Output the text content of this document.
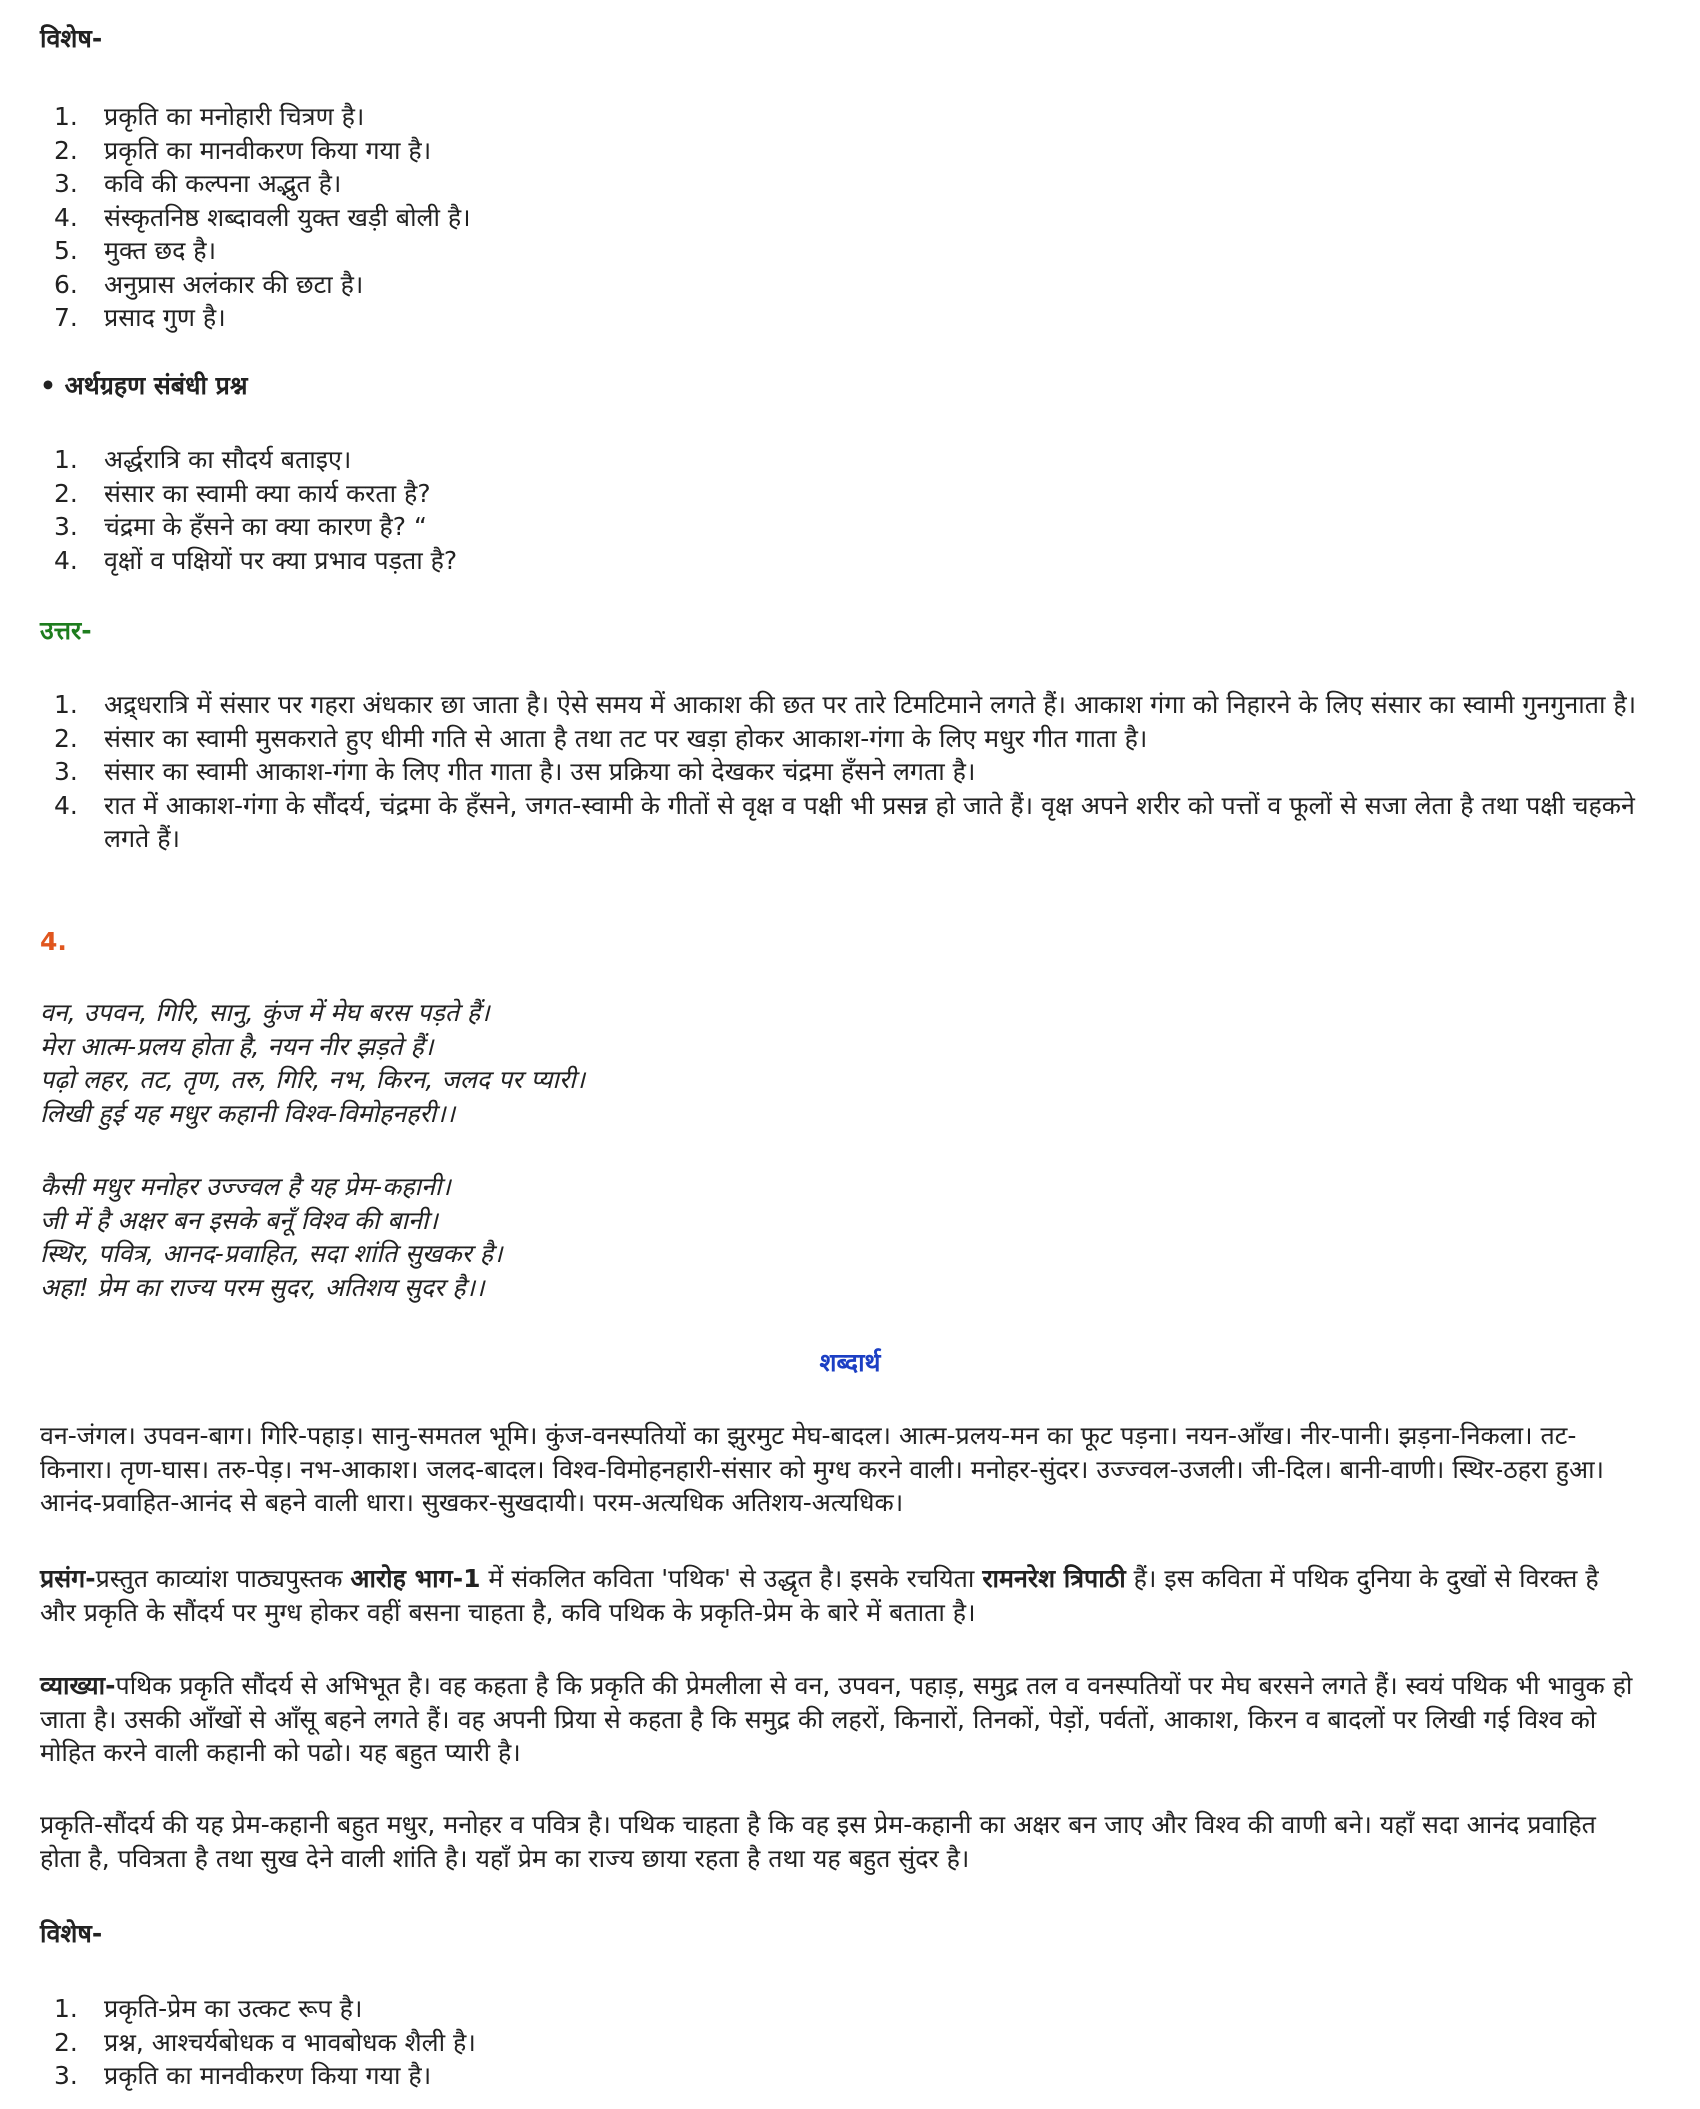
विशेष-
1. प्रकृति का मनोहारी चित्रण है।
2. प्रकृति का मानवीकरण किया गया है।
3. कवि की कल्पना अद्भुत है।
4. संस्कृतनिष्ठ शब्दावली युक्त खड़ी बोली है।
5. मुक्त छद है।
6. अनुप्रास अलंकार की छटा है।
7. प्रसाद गुण है।
• अर्थग्रहण संबंधी प्रश्न
1. अर्द्धरात्रि का सौदर्य बताइए।
2. संसार का स्वामी क्या कार्य करता है?
3. चंद्रमा के हँसने का क्या कारण है? “
4. वृक्षों व पक्षियों पर क्या प्रभाव पड़ता है?
उत्तर-
1. अद्र्धरात्रि में संसार पर गहरा अंधकार छा जाता है। ऐसे समय में आकाश की छत पर तारे टिमटिमाने लगते हैं। आकाश गंगा को निहारने के लिए संसार का स्वामी गुनगुनाता है।
2. संसार का स्वामी मुसकराते हुए धीमी गति से आता है तथा तट पर खड़ा होकर आकाश-गंगा के लिए मधुर गीत गाता है।
3. संसार का स्वामी आकाश-गंगा के लिए गीत गाता है। उस प्रक्रिया को देखकर चंद्रमा हँसने लगता है।
4. रात में आकाश-गंगा के सौंदर्य, चंद्रमा के हँसने, जगत-स्वामी के गीतों से वृक्ष व पक्षी भी प्रसन्न हो जाते हैं। वृक्ष अपने शरीर को पत्तों व फूलों से सजा लेता है तथा पक्षी चहकने लगते हैं।
4.
वन, उपवन, गिरि, सानु, कुंज में मेघ बरस पड़ते हैं।
मेरा आत्म-प्रलय होता है, नयन नीर झड़ते हैं।
पढ़ो लहर, तट, तृण, तरु, गिरि, नभ, किरन, जलद पर प्यारी।
लिखी हुई यह मधुर कहानी विश्व-विमोहनहरी।।
कैसी मधुर मनोहर उज्ज्वल है यह प्रेम-कहानी।
जी में है अक्षर बन इसके बनूँ विश्व की बानी।
स्थिर, पवित्र, आनद-प्रवाहित, सदा शांति सुखकर है।
अहा! प्रेम का राज्य परम सुदर, अतिशय सुदर है।।
शब्दार्थ
वन-जंगल। उपवन-बाग। गिरि-पहाड़। सानु-समतल भूमि। कुंज-वनस्पतियों का झुरमुट मेघ-बादल। आत्म-प्रलय-मन का फूट पड़ना। नयन-आँख। नीर-पानी। झड़ना-निकला। तट-किनारा। तृण-घास। तरु-पेड़। नभ-आकाश। जलद-बादल। विश्व-विमोहनहारी-संसार को मुग्ध करने वाली। मनोहर-सुंदर। उज्ज्वल-उजली। जी-दिल। बानी-वाणी। स्थिर-ठहरा हुआ। आनंद-प्रवाहित-आनंद से बहने वाली धारा। सुखकर-सुखदायी। परम-अत्यधिक अतिशय-अत्यधिक।
प्रसंग-प्रस्तुत काव्यांश पाठ्यपुस्तक आरोह भाग-1 में संकलित कविता 'पथिक' से उद्धृत है। इसके रचयिता रामनरेश त्रिपाठी हैं। इस कविता में पथिक दुनिया के दुखों से विरक्त है और प्रकृति के सौंदर्य पर मुग्ध होकर वहीं बसना चाहता है, कवि पथिक के प्रकृति-प्रेम के बारे में बताता है।
व्याख्या-पथिक प्रकृति सौंदर्य से अभिभूत है। वह कहता है कि प्रकृति की प्रेमलीला से वन, उपवन, पहाड़, समुद्र तल व वनस्पतियों पर मेघ बरसने लगते हैं। स्वयं पथिक भी भावुक हो जाता है। उसकी आँखों से आँसू बहने लगते हैं। वह अपनी प्रिया से कहता है कि समुद्र की लहरों, किनारों, तिनकों, पेड़ों, पर्वतों, आकाश, किरन व बादलों पर लिखी गई विश्व को मोहित करने वाली कहानी को पढो। यह बहुत प्यारी है।
प्रकृति-सौंदर्य की यह प्रेम-कहानी बहुत मधुर, मनोहर व पवित्र है। पथिक चाहता है कि वह इस प्रेम-कहानी का अक्षर बन जाए और विश्व की वाणी बने। यहाँ सदा आनंद प्रवाहित होता है, पवित्रता है तथा सुख देने वाली शांति है। यहाँ प्रेम का राज्य छाया रहता है तथा यह बहुत सुंदर है।
विशेष-
1. प्रकृति-प्रेम का उत्कट रूप है।
2. प्रश्न, आश्चर्यबोधक व भावबोधक शैली है।
3. प्रकृति का मानवीकरण किया गया है।
